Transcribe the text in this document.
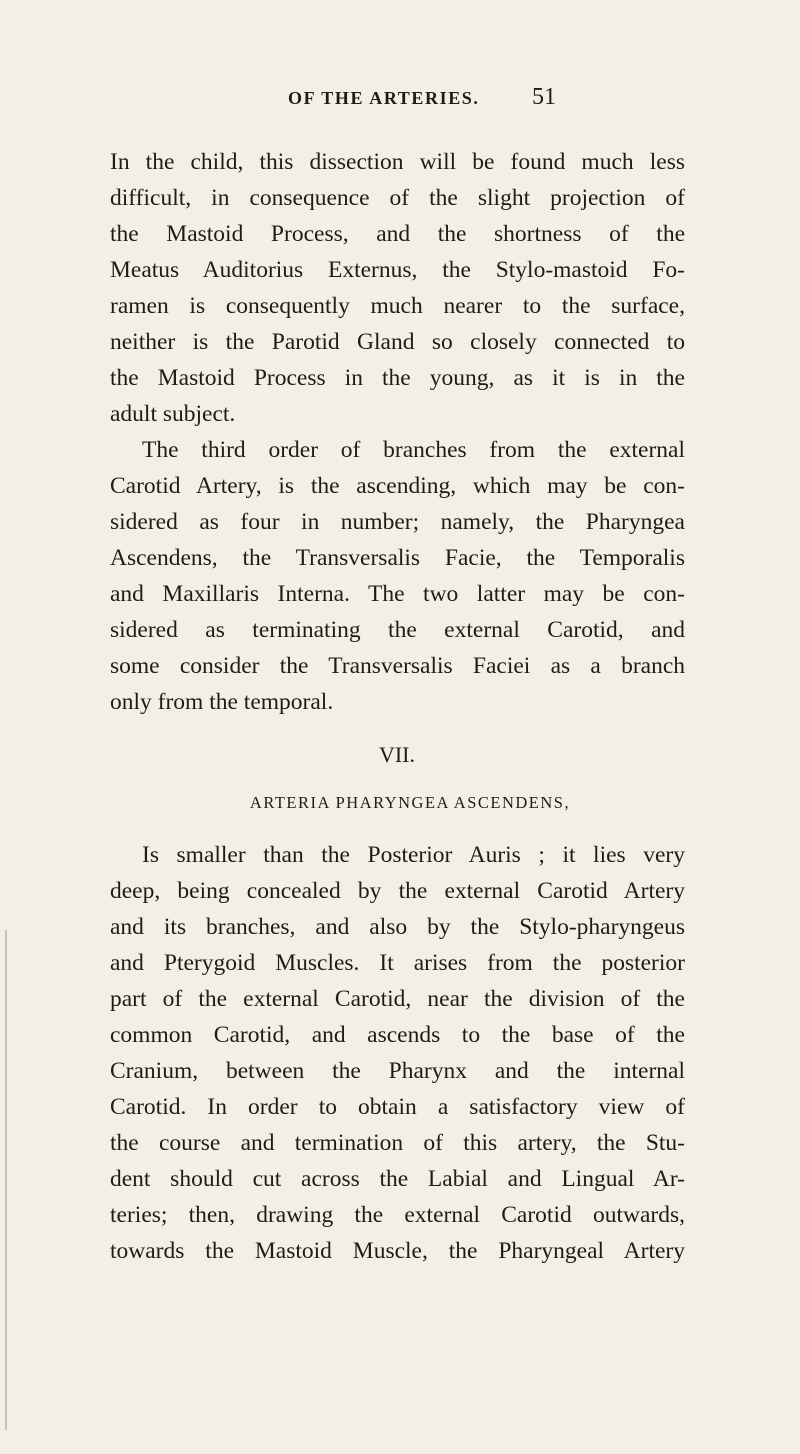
OF THE ARTERIES. 51
In the child, this dissection will be found much less
difficult, in consequence of the slight projection of
the Mastoid Process, and the shortness of the
Meatus Auditorius Externus, the Stylo-mastoid Fo-
ramen is consequently much nearer to the surface,
neither is the Parotid Gland so closely connected to
the Mastoid Process in the young, as it is in the
adult subject.
The third order of branches from the external
Carotid Artery, is the ascending, which may be con-
sidered as four in number; namely, the Pharyngea
Ascendens, the Transversalis Facie, the Temporalis
and Maxillaris Interna. The two latter may be con-
sidered as terminating the external Carotid, and
some consider the Transversalis Faciei as a branch
only from the temporal.
VII.
ARTERIA PHARYNGEA ASCENDENS,
Is smaller than the Posterior Auris ; it lies very
deep, being concealed by the external Carotid Artery
and its branches, and also by the Stylo-pharyngeus
and Pterygoid Muscles. It arises from the posterior
part of the external Carotid, near the division of the
common Carotid, and ascends to the base of the
Cranium, between the Pharynx and the internal
Carotid. In order to obtain a satisfactory view of
the course and termination of this artery, the Stu-
dent should cut across the Labial and Lingual Ar-
teries; then, drawing the external Carotid outwards,
towards the Mastoid Muscle, the Pharyngeal Artery
